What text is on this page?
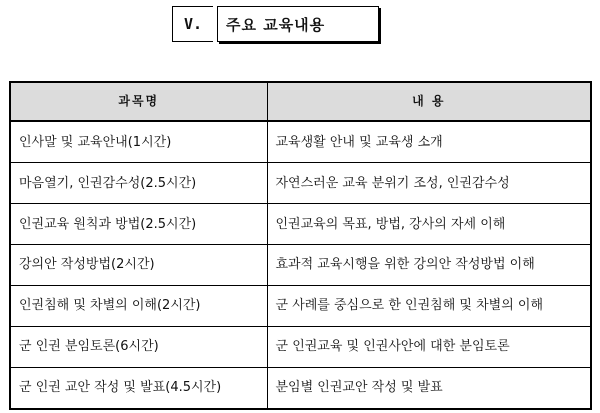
V.	주요 교육내용
과목명	내 용
인사말 및 교육안내(1시간)	교육생활 안내 및 교육생 소개
마음열기, 인권감수성(2.5시간)	자연스러운 교육 분위기 조성, 인권감수성
인권교육 원칙과 방법(2.5시간)	인권교육의 목표, 방법, 강사의 자세 이해
강의안 작성방법(2시간)	효과적 교육시행을 위한 강의안 작성방법 이해
인권침해 및 차별의 이해(2시간)	군 사례를 중심으로 한 인권침해 및 차별의 이해
군 인권 분임토론(6시간)	군 인권교육 및 인권사안에 대한 분임토론
군 인권 교안 작성 및 발표(4.5시간)	분임별 인권교안 작성 및 발표
